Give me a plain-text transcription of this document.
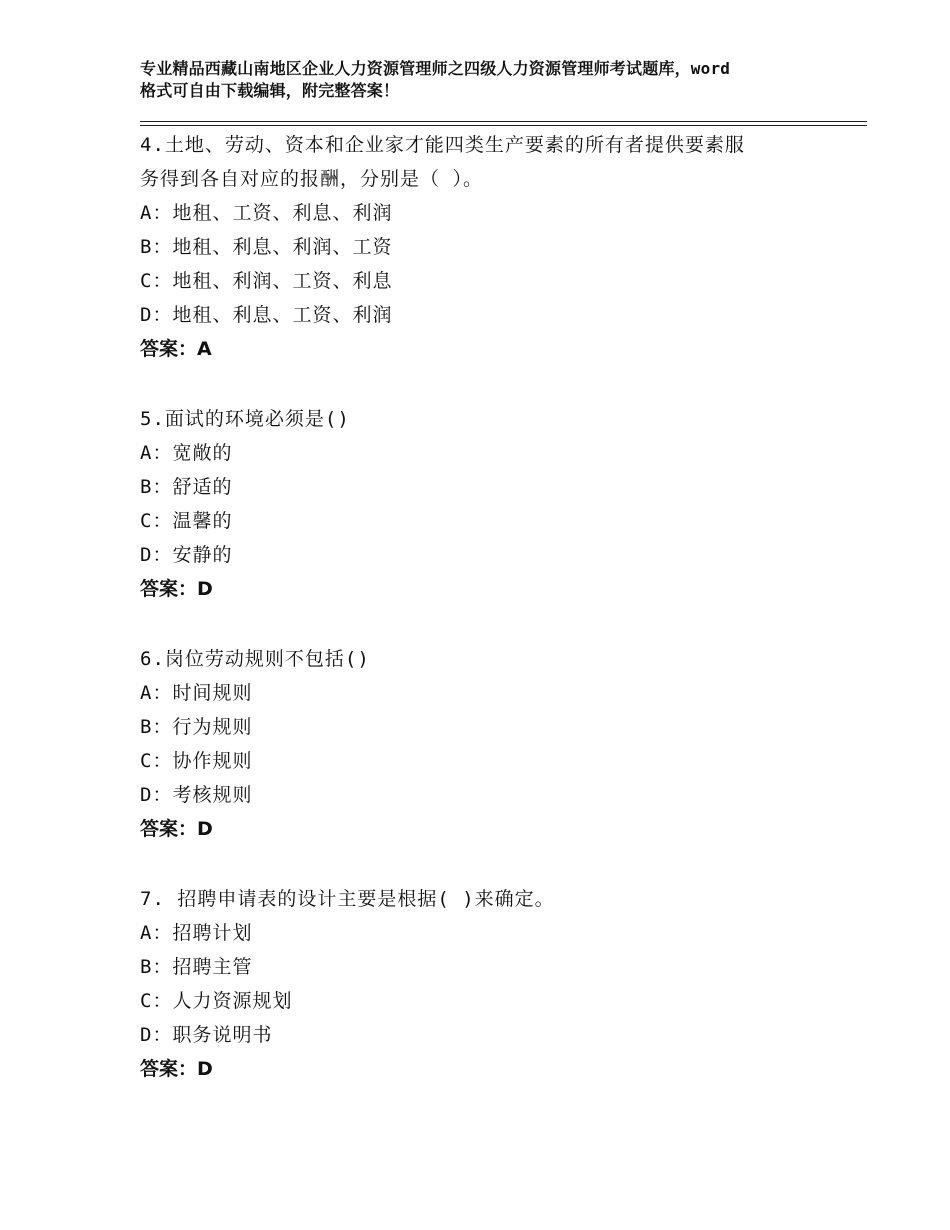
专业精品西藏山南地区企业人力资源管理师之四级人力资源管理师考试题库，word
格式可自由下载编辑，附完整答案！
4.土地、劳动、资本和企业家才能四类生产要素的所有者提供要素服
务得到各自对应的报酬，分别是（ ）。
A：地租、工资、利息、利润
B：地租、利息、利润、工资
C：地租、利润、工资、利息
D：地租、利息、工资、利润
答案：A
5.面试的环境必须是()
A：宽敞的
B：舒适的
C：温馨的
D：安静的
答案：D
6.岗位劳动规则不包括()
A：时间规则
B：行为规则
C：协作规则
D：考核规则
答案：D
7. 招聘申请表的设计主要是根据( )来确定。
A：招聘计划
B：招聘主管
C：人力资源规划
D：职务说明书
答案：D
